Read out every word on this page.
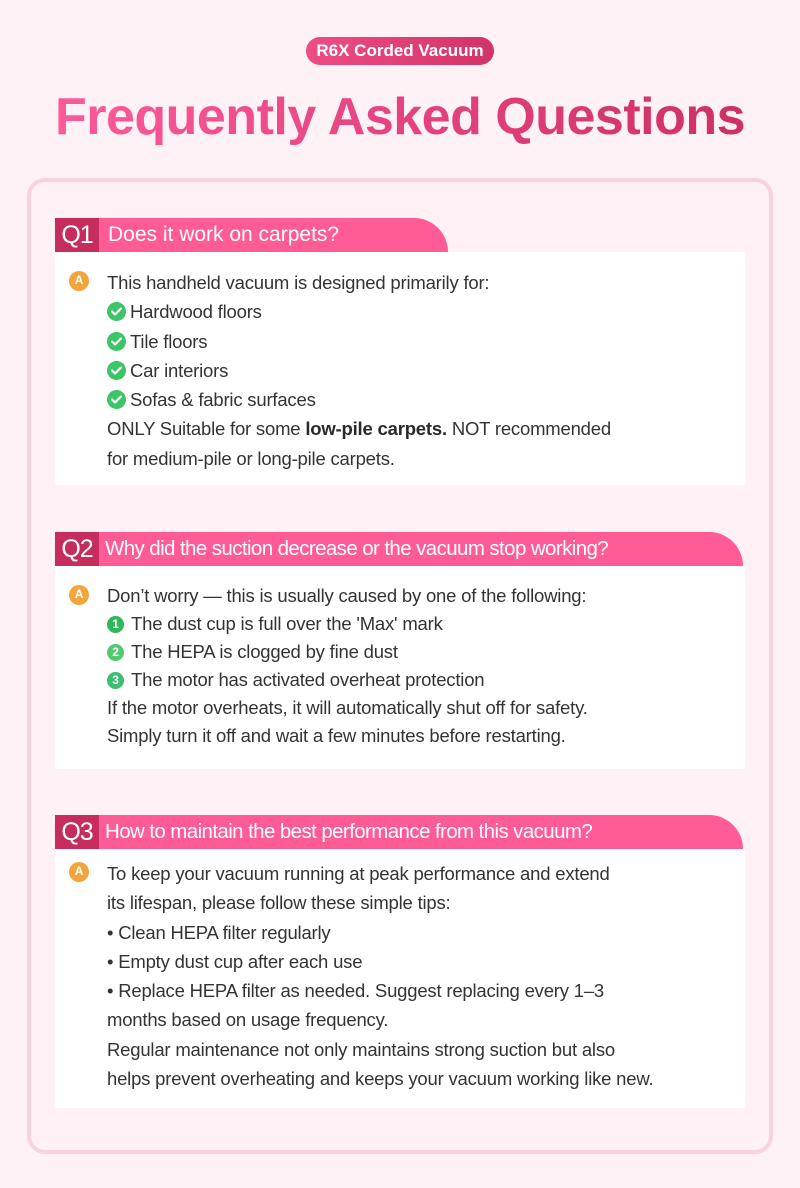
R6X Corded Vacuum
Frequently Asked Questions
Q1 Does it work on carpets?
A	This handheld vacuum is designed primarily for:
Hardwood floors
Tile floors
Car interiors
Sofas & fabric surfaces
ONLY Suitable for some low-pile carpets. NOT recommended
for medium-pile or long-pile carpets.
Q2 Why did the suction decrease or the vacuum stop working?
A	Don’t worry — this is usually caused by one of the following:
1 The dust cup is full over the 'Max' mark
2 The HEPA is clogged by fine dust
3 The motor has activated overheat protection
If the motor overheats, it will automatically shut off for safety.
Simply turn it off and wait a few minutes before restarting.
Q3 How to maintain the best performance from this vacuum?
A	To keep your vacuum running at peak performance and extend
its lifespan, please follow these simple tips:
• Clean HEPA filter regularly
• Empty dust cup after each use
• Replace HEPA filter as needed. Suggest replacing every 1–3
months based on usage frequency.
Regular maintenance not only maintains strong suction but also
helps prevent overheating and keeps your vacuum working like new.
